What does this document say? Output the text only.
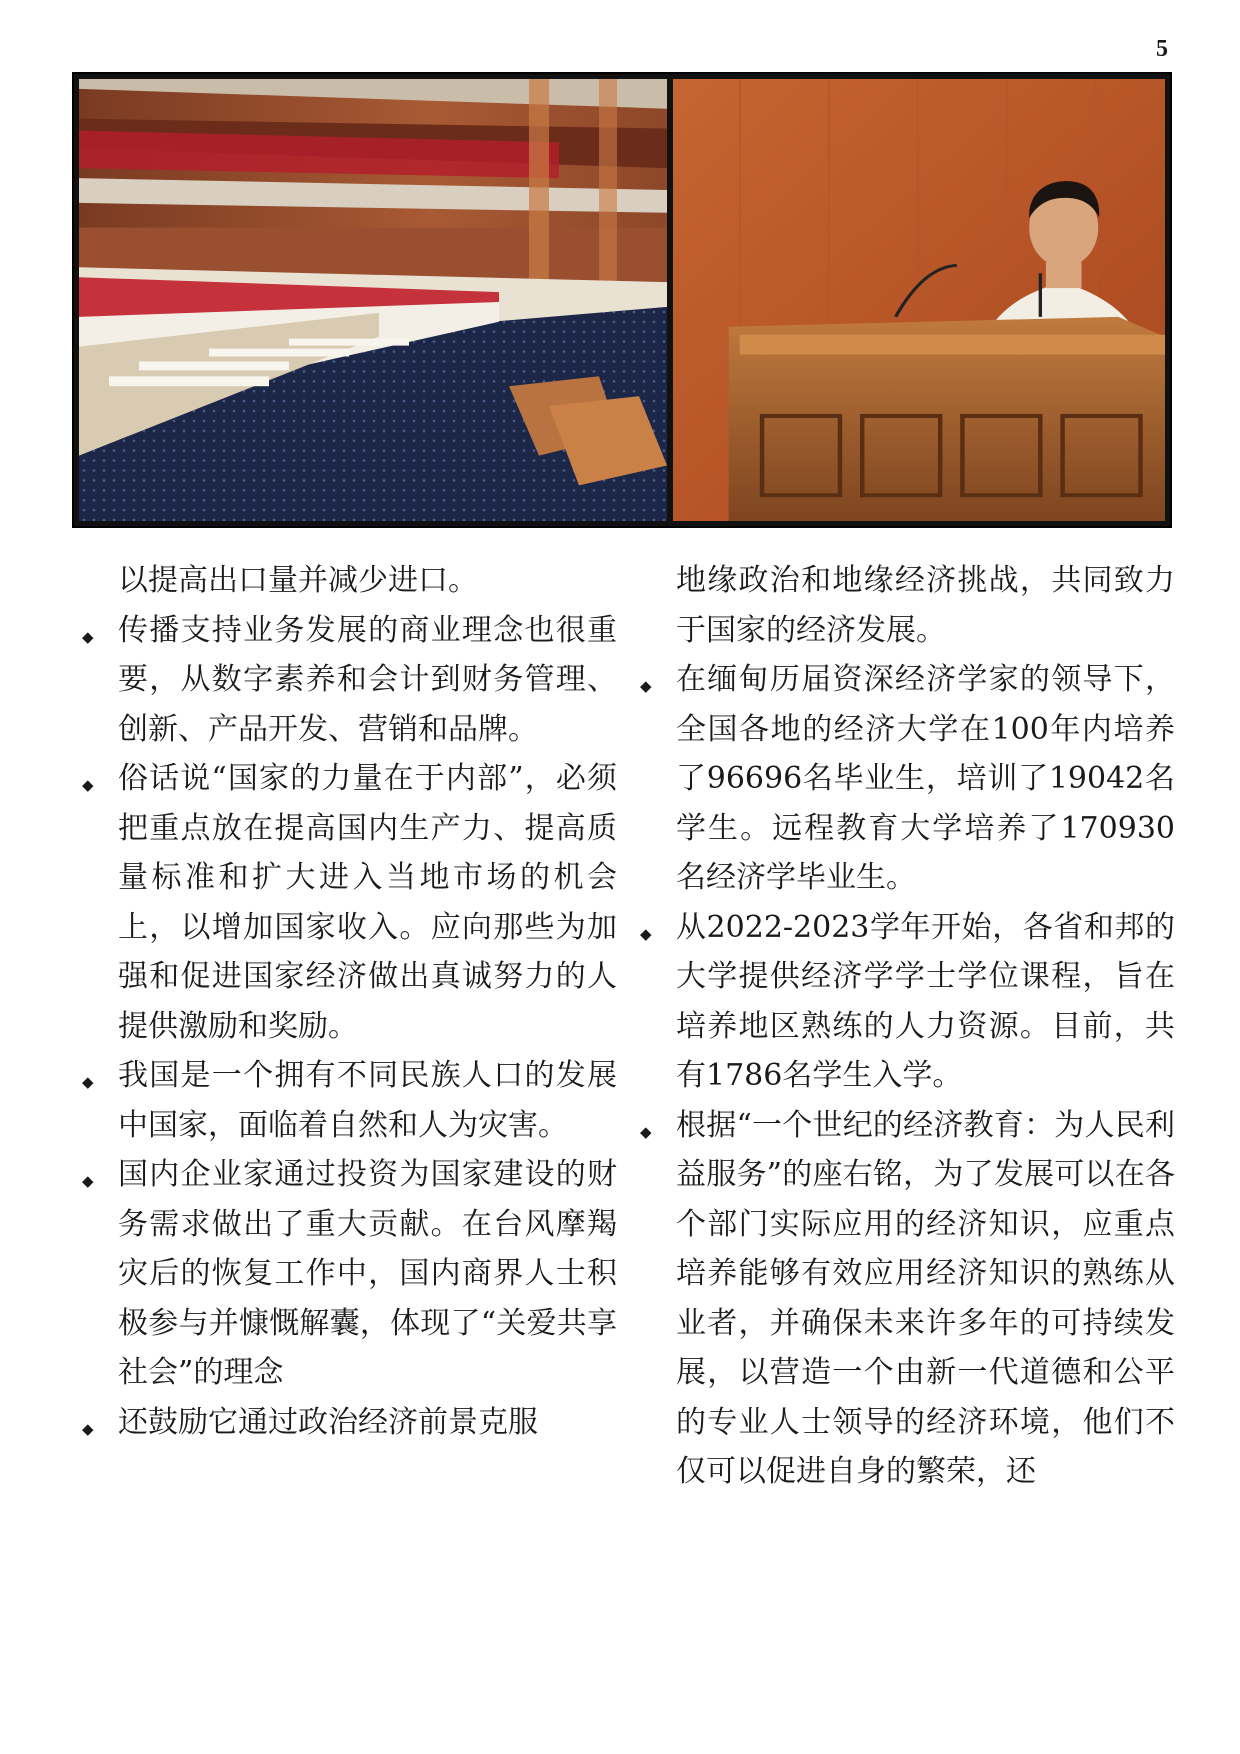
5
以提高出口量并减少进口。
◆ 传播支持业务发展的商业理念也很重要，从数字素养和会计到财务管理、创新、产品开发、营销和品牌。
◆ 俗话说“国家的力量在于内部”，必须把重点放在提高国内生产力、提高质量标准和扩大进入当地市场的机会上，以增加国家收入。应向那些为加强和促进国家经济做出真诚努力的人提供激励和奖励。
◆ 我国是一个拥有不同民族人口的发展中国家，面临着自然和人为灾害。
◆ 国内企业家通过投资为国家建设的财务需求做出了重大贡献。在台风摩羯灾后的恢复工作中，国内商界人士积极参与并慷慨解囊，体现了“关爱共享社会”的理念
◆ 还鼓励它通过政治经济前景克服
地缘政治和地缘经济挑战，共同致力于国家的经济发展。
◆ 在缅甸历届资深经济学家的领导下，全国各地的经济大学在100年内培养了96696名毕业生，培训了19042名学生。远程教育大学培养了170930名经济学毕业生。
◆ 从2022-2023学年开始，各省和邦的大学提供经济学学士学位课程，旨在培养地区熟练的人力资源。目前，共有1786名学生入学。
◆ 根据“一个世纪的经济教育：为人民利益服务”的座右铭，为了发展可以在各个部门实际应用的经济知识，应重点培养能够有效应用经济知识的熟练从业者，并确保未来许多年的可持续发展，以营造一个由新一代道德和公平的专业人士领导的经济环境，他们不仅可以促进自身的繁荣，还
